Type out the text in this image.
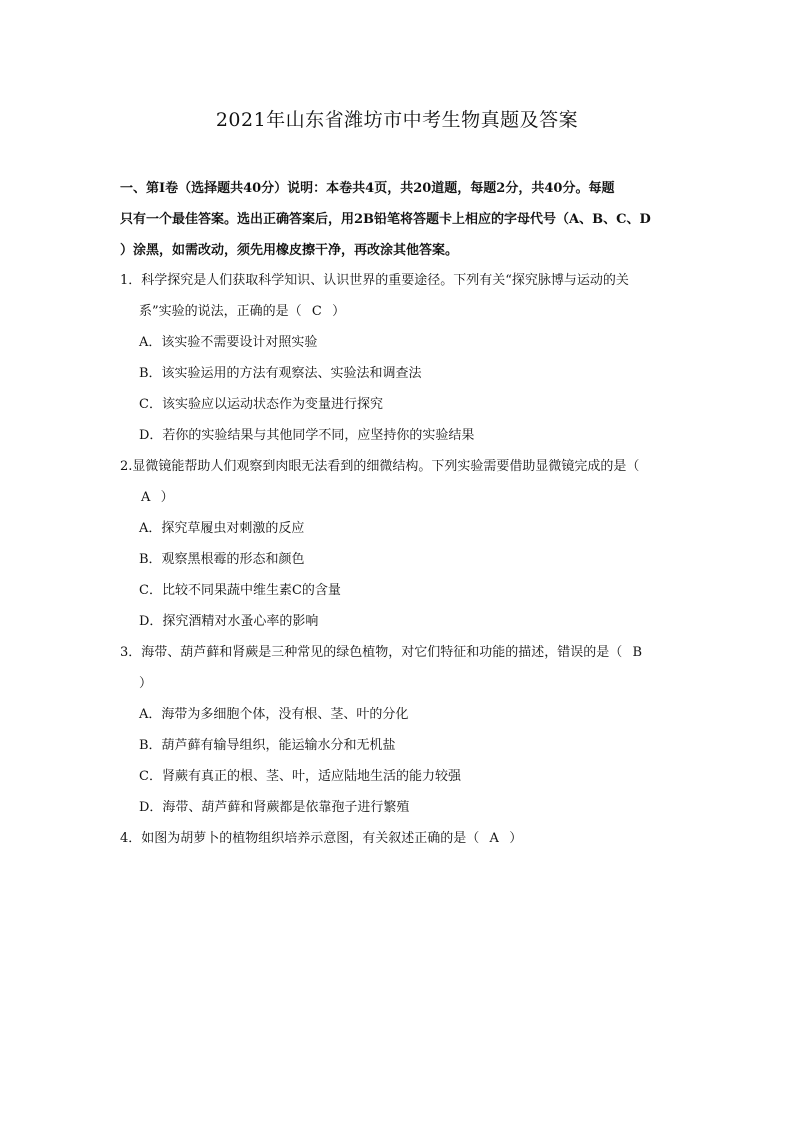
2021年山东省潍坊市中考生物真题及答案
一、第Ⅰ卷（选择题共40分）说明：本卷共4页，共20道题，每题2分，共40分。每题
只有一个最佳答案。选出正确答案后，用2B铅笔将答题卡上相应的字母代号（A、B、C、D
）涂黑，如需改动，须先用橡皮擦干净，再改涂其他答案。
1．科学探究是人们获取科学知识、认识世界的重要途径。下列有关“探究脉博与运动的关
系”实验的说法，正确的是（ C ）
A．该实验不需要设计对照实验
B．该实验运用的方法有观察法、实验法和调查法
C．该实验应以运动状态作为变量进行探究
D．若你的实验结果与其他同学不同，应坚持你的实验结果
2.显微镜能帮助人们观察到肉眼无法看到的细微结构。下列实验需要借助显微镜完成的是（
A ）
A．探究草履虫对刺激的反应
B．观察黑根霉的形态和颜色
C．比较不同果蔬中维生素C的含量
D．探究酒精对水蚤心率的影响
3．海带、葫芦藓和肾蕨是三种常见的绿色植物，对它们特征和功能的描述，错误的是（ B
）
A．海带为多细胞个体，没有根、茎、叶的分化
B．葫芦藓有输导组织，能运输水分和无机盐
C．肾蕨有真正的根、茎、叶，适应陆地生活的能力较强
D．海带、葫芦藓和肾蕨都是依靠孢子进行繁殖
4．如图为胡萝卜的植物组织培养示意图，有关叙述正确的是（ A ）
